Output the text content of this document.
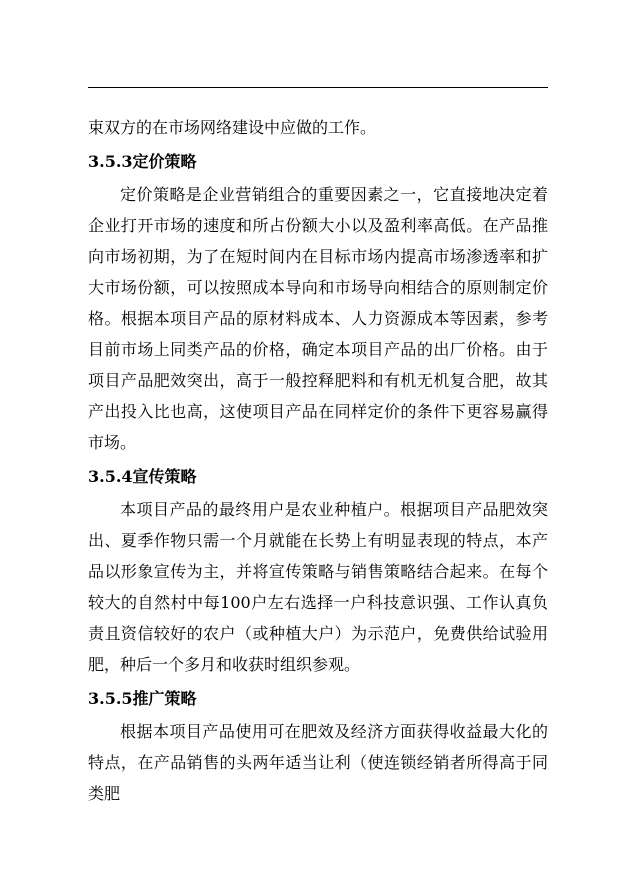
束双方的在市场网络建设中应做的工作。

3.5.3定价策略

定价策略是企业营销组合的重要因素之一，它直接地决定着企业打开市场的速度和所占份额大小以及盈利率高低。在产品推向市场初期，为了在短时间内在目标市场内提高市场渗透率和扩大市场份额，可以按照成本导向和市场导向相结合的原则制定价格。根据本项目产品的原材料成本、人力资源成本等因素，参考目前市场上同类产品的价格，确定本项目产品的出厂价格。由于项目产品肥效突出，高于一般控释肥料和有机无机复合肥，故其产出投入比也高，这使项目产品在同样定价的条件下更容易赢得市场。

3.5.4宣传策略

本项目产品的最终用户是农业种植户。根据项目产品肥效突出、夏季作物只需一个月就能在长势上有明显表现的特点，本产品以形象宣传为主，并将宣传策略与销售策略结合起来。在每个较大的自然村中每100户左右选择一户科技意识强、工作认真负责且资信较好的农户（或种植大户）为示范户，免费供给试验用肥，种后一个多月和收获时组织参观。

3.5.5推广策略

根据本项目产品使用可在肥效及经济方面获得收益最大化的特点，在产品销售的头两年适当让利（使连锁经销者所得高于同类肥
